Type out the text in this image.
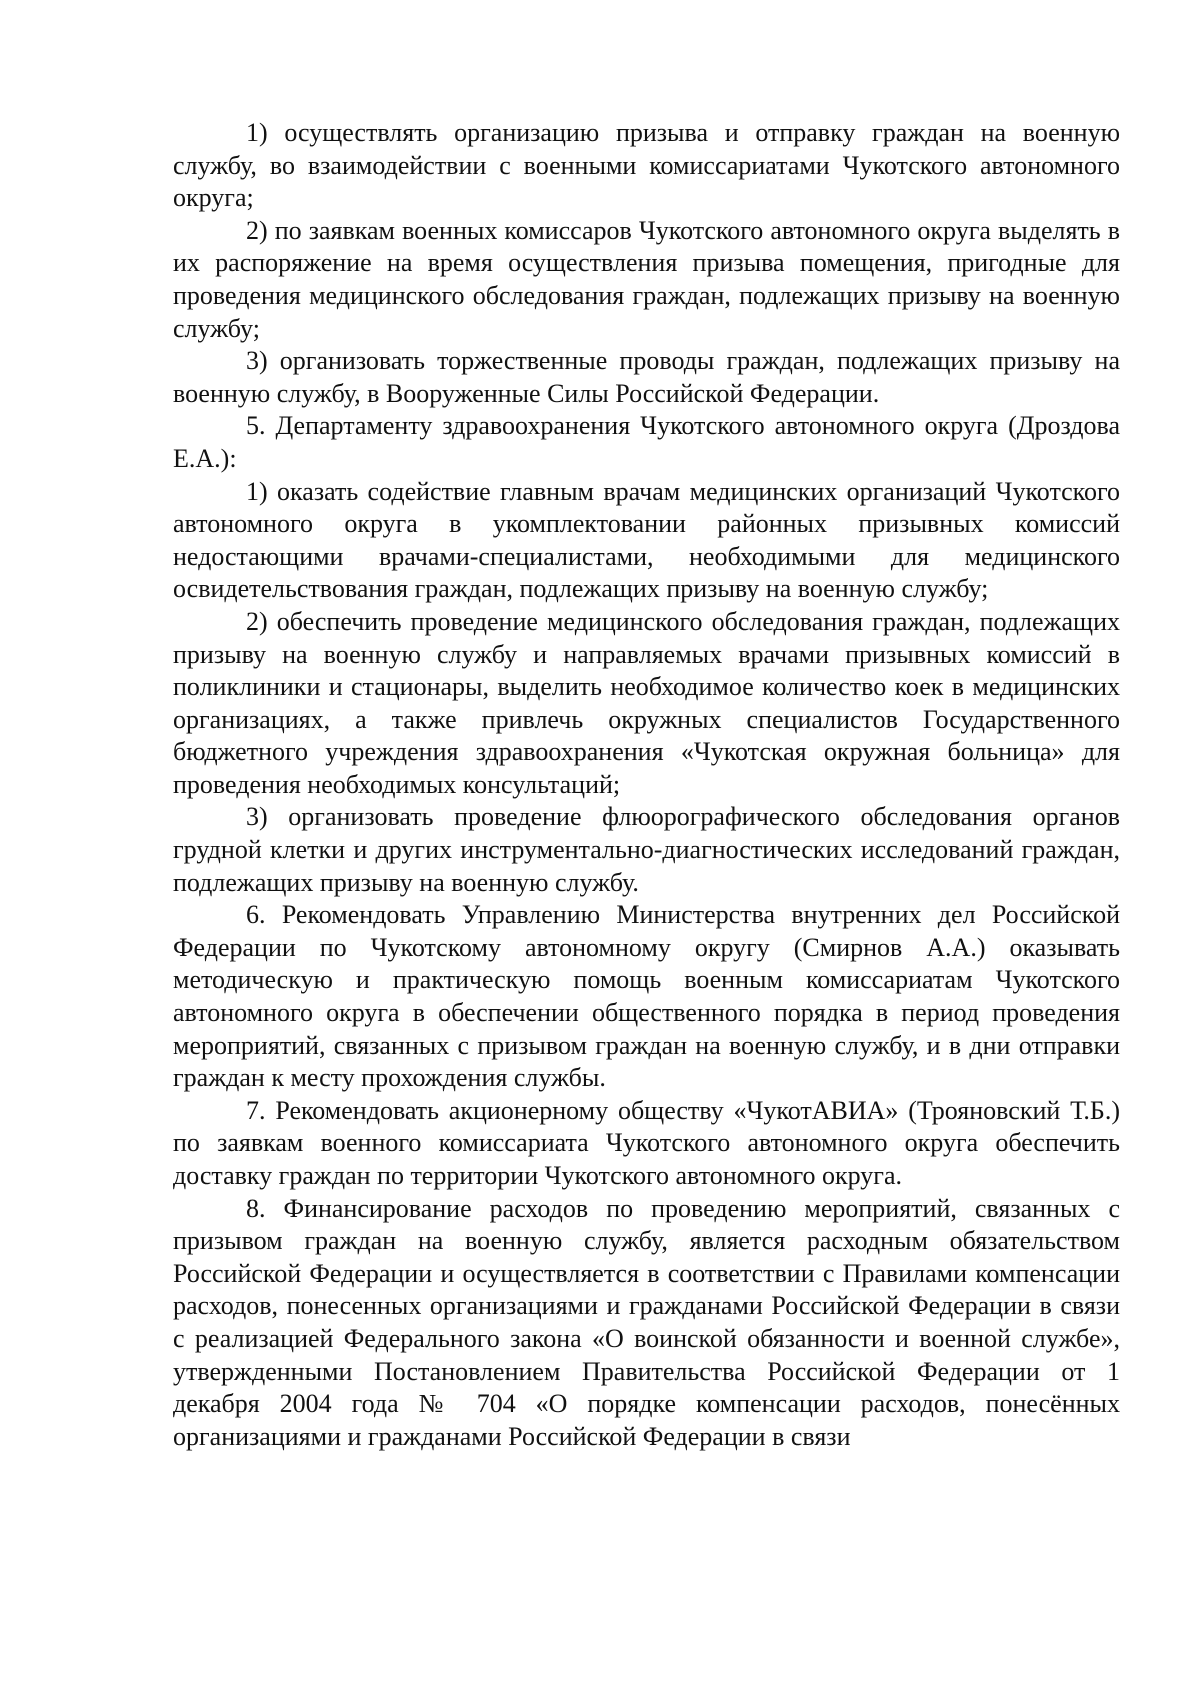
1) осуществлять организацию призыва и отправку граждан на военную службу, во взаимодействии с военными комиссариатами Чукотского автономного округа;

2) по заявкам военных комиссаров Чукотского автономного округа выделять в их распоряжение на время осуществления призыва помещения, пригодные для проведения медицинского обследования граждан, подлежащих призыву на военную службу;

3) организовать торжественные проводы граждан, подлежащих призыву на военную службу, в Вооруженные Силы Российской Федерации.

5. Департаменту здравоохранения Чукотского автономного округа (Дроздова Е.А.):

1) оказать содействие главным врачам медицинских организаций Чукотского автономного округа в укомплектовании районных призывных комиссий недостающими врачами-специалистами, необходимыми для медицинского освидетельствования граждан, подлежащих призыву на военную службу;

2) обеспечить проведение медицинского обследования граждан, подлежащих призыву на военную службу и направляемых врачами призывных комиссий в поликлиники и стационары, выделить необходимое количество коек в медицинских организациях, а также привлечь окружных специалистов Государственного бюджетного учреждения здравоохранения «Чукотская окружная больница» для проведения необходимых консультаций;

3) организовать проведение флюорографического обследования органов грудной клетки и других инструментально-диагностических исследований граждан, подлежащих призыву на военную службу.

6. Рекомендовать Управлению Министерства внутренних дел Российской Федерации по Чукотскому автономному округу (Смирнов А.А.) оказывать методическую и практическую помощь военным комиссариатам Чукотского автономного округа в обеспечении общественного порядка в период проведения мероприятий, связанных с призывом граждан на военную службу, и в дни отправки граждан к месту прохождения службы.

7. Рекомендовать акционерному обществу «ЧукотАВИА» (Трояновский Т.Б.) по заявкам военного комиссариата Чукотского автономного округа обеспечить доставку граждан по территории Чукотского автономного округа.

8. Финансирование расходов по проведению мероприятий, связанных с призывом граждан на военную службу, является расходным обязательством Российской Федерации и осуществляется в соответствии с Правилами компенсации расходов, понесенных организациями и гражданами Российской Федерации в связи с реализацией Федерального закона «О воинской обязанности и военной службе», утвержденными Постановлением Правительства Российской Федерации от 1 декабря 2004 года № 704 «О порядке компенсации расходов, понесённых организациями и гражданами Российской Федерации в связи
